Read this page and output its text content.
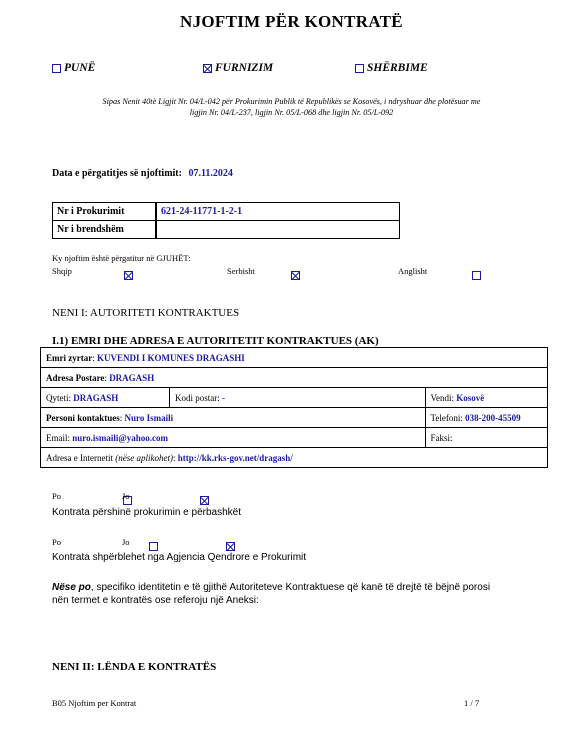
NJOFTIM PËR KONTRATË
PUNË	FURNIZIM	SHËRBIME
Sipas Nenit 40të Ligjit Nr. 04/L-042 për Prokurimin Publik të Republikës se Kosovës, i ndryshuar dhe plotësuar me
ligjin Nr. 04/L-237, ligjin Nr. 05/L-068 dhe ligjin Nr. 05/L-092
Data e përgatitjes së njoftimit: 07.11.2024
Nr i Prokurimit	621-24-11771-1-2-1
Nr i brendshëm	
Ky njoftim është përgatitur në GJUHËT:
Shqip
	Serbisht
	Anglisht

NENI I: AUTORITETI KONTRAKTUES
I.1) EMRI DHE ADRESA E AUTORITETIT KONTRAKTUES (AK)
Emri zyrtar: KUVENDI I KOMUNES DRAGASHI		
Adresa Postare: DRAGASH		
Qyteti: DRAGASH	Kodi postar: -	Vendi: Kosovë
Personi kontaktues: Nuro Ismaili		Telefoni: 038-200-45509
Email: nuro.ismaili@yahoo.com		Faksi:
Adresa e Internetit (nëse aplikohet): http://kk.rks-gov.net/dragash/		
Po
	Jo

Kontrata përshinë prokurimin e përbashkët
Po
	Jo
Kontrata shpërblehet nga Agjencia Qendrore e Prokurimit
Nëse po, specifiko identitetin e të gjithë Autoriteteve Kontraktuese që kanë të drejtë të bëjnë porosi
nën termet e kontratës ose referoju një Aneksi:
NENI II: LËNDA E KONTRATËS
B05 Njoftim per Kontrat	1 / 7
